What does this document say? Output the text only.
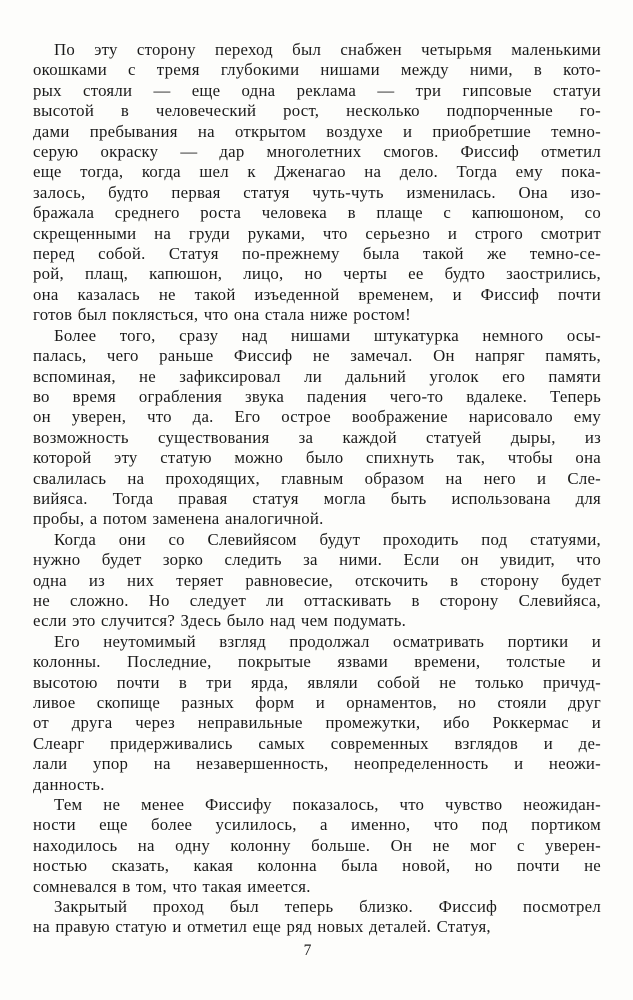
По эту сторону переход был снабжен четырьмя маленькими
окошками с тремя глубокими нишами между ними, в кото-
рых стояли — еще одна реклама — три гипсовые статуи
высотой в человеческий рост, несколько подпорченные го-
дами пребывания на открытом воздухе и приобретшие темно-
серую окраску — дар многолетних смогов. Фиссиф отметил
еще тогда, когда шел к Дженагао на дело. Тогда ему пока-
залось, будто первая статуя чуть-чуть изменилась. Она изо-
бражала среднего роста человека в плаще с капюшоном, со
скрещенными на груди руками, что серьезно и строго смотрит
перед собой. Статуя по-прежнему была такой же темно-се-
рой, плащ, капюшон, лицо, но черты ее будто заострились,
она казалась не такой изъеденной временем, и Фиссиф почти
готов был поклясться, что она стала ниже ростом!

Более того, сразу над нишами штукатурка немного осы-
палась, чего раньше Фиссиф не замечал. Он напряг память,
вспоминая, не зафиксировал ли дальний уголок его памяти
во время ограбления звука падения чего-то вдалеке. Теперь
он уверен, что да. Его острое воображение нарисовало ему
возможность существования за каждой статуей дыры, из
которой эту статую можно было спихнуть так, чтобы она
свалилась на проходящих, главным образом на него и Сле-
вийяса. Тогда правая статуя могла быть использована для
пробы, а потом заменена аналогичной.

Когда они со Слевийясом будут проходить под статуями,
нужно будет зорко следить за ними. Если он увидит, что
одна из них теряет равновесие, отскочить в сторону будет
не сложно. Но следует ли оттаскивать в сторону Слевийяса,
если это случится? Здесь было над чем подумать.

Его неутомимый взгляд продолжал осматривать портики и
колонны. Последние, покрытые язвами времени, толстые и
высотою почти в три ярда, являли собой не только причуд-
ливое скопище разных форм и орнаментов, но стояли друг
от друга через неправильные промежутки, ибо Роккермас и
Слеарг придерживались самых современных взглядов и де-
лали упор на незавершенность, неопределенность и неожи-
данность.

Тем не менее Фиссифу показалось, что чувство неожидан-
ности еще более усилилось, а именно, что под портиком
находилось на одну колонну больше. Он не мог с уверен-
ностью сказать, какая колонна была новой, но почти не
сомневался в том, что такая имеется.

Закрытый проход был теперь близко. Фиссиф посмотрел
на правую статую и отметил еще ряд новых деталей. Статуя,

7
